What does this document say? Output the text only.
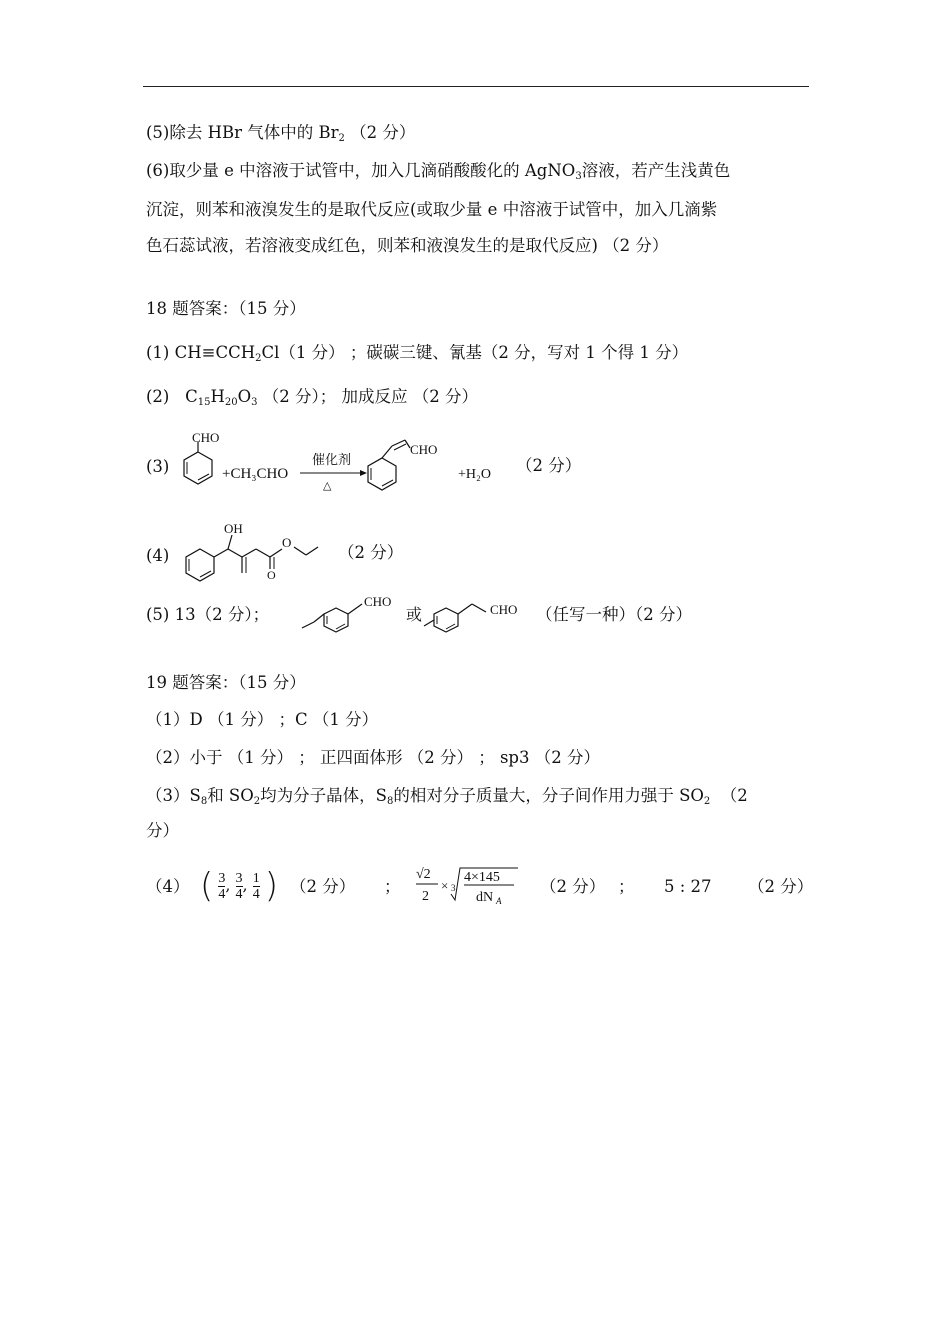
(5)除去 HBr 气体中的 $Br_2$ （2 分）
(6)取少量 e 中溶液于试管中，加入几滴硝酸酸化的 AgNO$_3$溶液，若产生浅黄色
沉淀，则苯和液溴发生的是取代反应(或取少量 e 中溶液于试管中，加入几滴紫
色石蕊试液，若溶液变成红色，则苯和液溴发生的是取代反应) （2 分）
18 题答案：（15 分）
(1) $CH\equiv CCH_2Cl(1$ 分） ；碳碳三键、氰基（2 分，写对 1 个得 1 分）
(2) $C_{15}H_{20}O_3$ （2 分）； 加成反应 （2 分）
(3)
CHO
+CH₃CHO
催化剂
△
CHO
+H₂O （2 分）
(4)
OH
O
O
（2 分）
(5) 13（2 分）；
CHO
或	CHO （任写一种）（2 分）
19 题答案：（15 分）
（1）D （1 分） ；C （1 分）
（2）小于 （1 分） ； 正四面体形 （2 分） ； sp3 （2 分）
$(3)S_8$和 $SO_2$均为分子晶体，$S_8$的相对分子质量大，分子间作用力强于 $SO_2$ （2
分）
（4） ( $\frac{3}{4}$ , $\frac{3}{4}$ , $\frac{1}{4}$ ) （2 分） ；
√2
2
× 3
4×145
dN A
（2 分） ； 5 : 27 （2 分）
